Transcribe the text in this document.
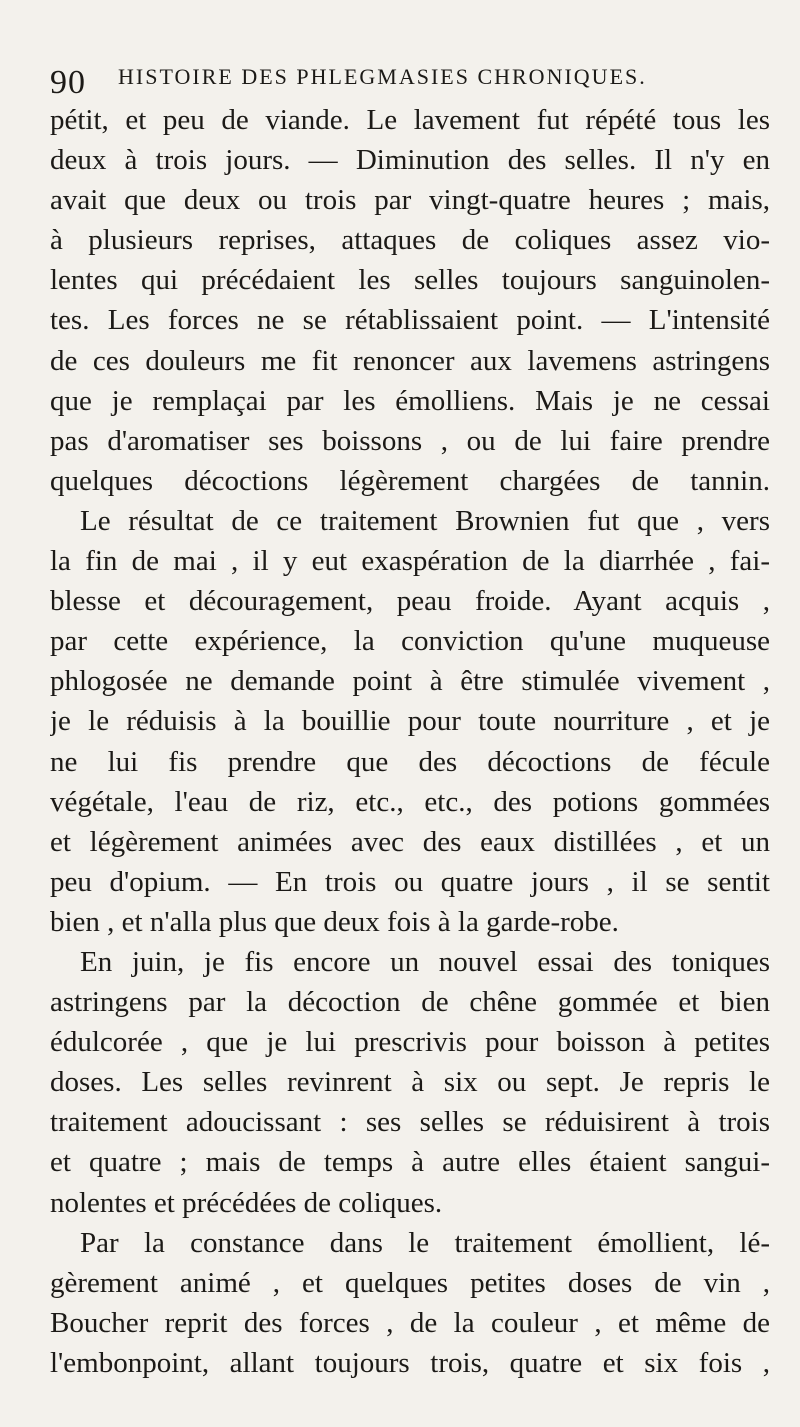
90 HISTOIRE DES PHLEGMASIES CHRONIQUES.
pétit, et peu de viande. Le lavement fut répété tous les
deux à trois jours. — Diminution des selles. Il n'y en
avait que deux ou trois par vingt-quatre heures ; mais,
à plusieurs reprises, attaques de coliques assez vio-
lentes qui précédaient les selles toujours sanguinolen-
tes. Les forces ne se rétablissaient point. — L'intensité
de ces douleurs me fit renoncer aux lavemens astringens
que je remplaçai par les émolliens. Mais je ne cessai
pas d'aromatiser ses boissons , ou de lui faire prendre
quelques décoctions légèrement chargées de tannin.
Le résultat de ce traitement Brownien fut que , vers
la fin de mai , il y eut exaspération de la diarrhée , fai-
blesse et découragement, peau froide. Ayant acquis ,
par cette expérience, la conviction qu'une muqueuse
phlogosée ne demande point à être stimulée vivement ,
je le réduisis à la bouillie pour toute nourriture , et je
ne lui fis prendre que des décoctions de fécule
végétale, l'eau de riz, etc., etc., des potions gommées
et légèrement animées avec des eaux distillées , et un
peu d'opium. — En trois ou quatre jours , il se sentit
bien , et n'alla plus que deux fois à la garde-robe.
En juin, je fis encore un nouvel essai des toniques
astringens par la décoction de chêne gommée et bien
édulcorée , que je lui prescrivis pour boisson à petites
doses. Les selles revinrent à six ou sept. Je repris le
traitement adoucissant : ses selles se réduisirent à trois
et quatre ; mais de temps à autre elles étaient sangui-
nolentes et précédées de coliques.
Par la constance dans le traitement émollient, lé-
gèrement animé , et quelques petites doses de vin ,
Boucher reprit des forces , de la couleur , et même de
l'embonpoint, allant toujours trois, quatre et six fois ,
